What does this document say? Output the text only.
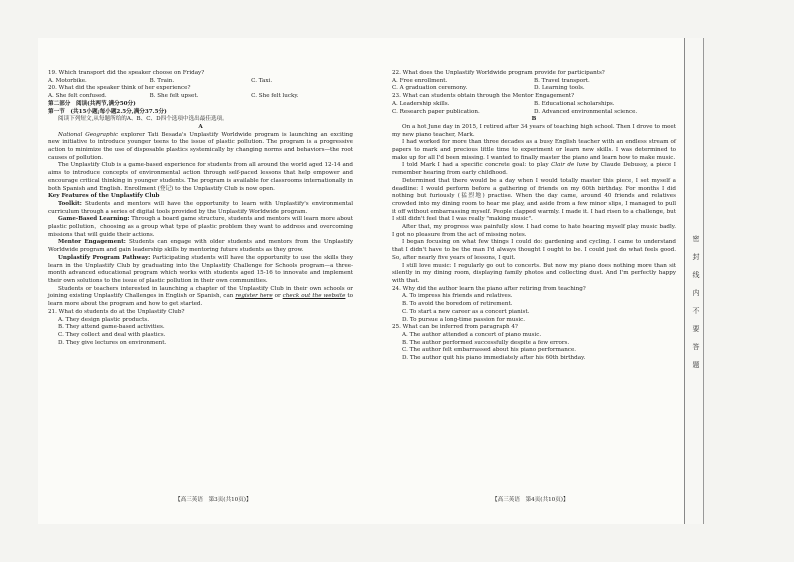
密
封
线
内
不
要
答
题

19. Which transport did the speaker choose on Friday?

A. Motorbike.	B. Train.	C. Taxi.

20. What did the speaker think of her experience?

A. She felt confused.	B. She felt upset.	C. She felt lucky.

第二部分　阅读(共两节,满分50分)

第一节　(共15小题;每小题2.5分,满分37.5分)

阅读下列短文,从每题所给的A、B、C、D四个选项中选出最佳选项。

A

National Geographic explorer Tati Besada's Unplastify Worldwide program is launching an exciting new initiative to introduce younger teens to the issue of plastic pollution. The program is a progressive action to minimize the use of disposable plastics systemically by changing norms and behaviors—the root causes of pollution.

The Unplastify Club is a game-based experience for students from all around the world aged 12-14 and aims to introduce concepts of environmental action through self-paced lessons that help empower and encourage critical thinking in younger students. The program is available for classrooms internationally in both Spanish and English. Enrollment (登记) to the Unplastify Club is now open.

Key Features of the Unplastify Club

Toolkit: Students and mentors will have the opportunity to learn with Unplastify's environmental curriculum through a series of digital tools provided by the Unplastify Worldwide program.

Game-Based Learning: Through a board game structure, students and mentors will learn more about plastic pollution，choosing as a group what type of plastic problem they want to address and overcoming missions that will guide their actions.

Mentor Engagement: Students can engage with older students and mentors from the Unplastify Worldwide program and gain leadership skills by mentoring future students as they grow.

Unplastify Program Pathway: Participating students will have the opportunity to use the skills they learn in the Unplastify Club by graduating into the Unplastify Challenge for Schools program—a three-month advanced educational program which works with students aged 15-16 to innovate and implement their own solutions to the issue of plastic pollution in their own communities.

Students or teachers interested in launching a chapter of the Unplastify Club in their own schools or joining existing Unplastify Challenges in English or Spanish, can register here or check out the website to learn more about the program and how to get started.

21. What do students do at the Unplastify Club?

A. They design plastic products.

B. They attend game-based activities.

C. They collect and deal with plastics.

D. They give lectures on environment.

22. What does the Unplastify Worldwide program provide for participants?

A. Free enrollment.	B. Travel transport.
C. A graduation ceremony.	D. Learning tools.

23. What can students obtain through the Mentor Engagement?

A. Leadership skills.	B. Educational scholarships.
C. Research paper publication.	D. Advanced environmental science.

B

On a hot June day in 2015, I retired after 34 years of teaching high school. Then I drove to meet my new piano teacher, Mark.

I had worked for more than three decades as a busy English teacher with an endless stream of papers to mark and precious little time to experiment or learn new skills. I was determined to make up for all I'd been missing. I wanted to finally master the piano and learn how to make music.

I told Mark I had a specific concrete goal: to play Clair de lune by Claude Debussy, a piece I remember hearing from early childhood.

Determined that there would be a day when I would totally master this piece, I set myself a deadline: I would perform before a gathering of friends on my 60th birthday. For months I did nothing but furiously (猛烈地) practise. When the day came, around 40 friends and relatives crowded into my dining room to hear me play, and aside from a few minor slips, I managed to pull it off without embarrassing myself. People clapped warmly. I made it. I had risen to a challenge, but I still didn't feel that I was really "making music".

After that, my progress was painfully slow. I had come to hate hearing myself play music badly. I got no pleasure from the act of missing notes.

I began focusing on what few things I could do: gardening and cycling. I came to understand that I didn't have to be the man I'd always thought I ought to be. I could just do what feels good. So, after nearly five years of lessons, I quit.

I still love music: I regularly go out to concerts. But now my piano does nothing more than sit silently in my dining room, displaying family photos and collecting dust. And I'm perfectly happy with that.

24. Why did the author learn the piano after retiring from teaching?

A. To impress his friends and relatives.

B. To avoid the boredom of retirement.

C. To start a new career as a concert pianist.

D. To pursue a long-time passion for music.

25. What can be inferred from paragraph 4?

A. The author attended a concert of piano music.

B. The author performed successfully despite a few errors.

C. The author felt embarrassed about his piano performance.

D. The author quit his piano immediately after his 60th birthday.

【高三英语　第3页(共10页)】	【高三英语　第4页(共10页)】
